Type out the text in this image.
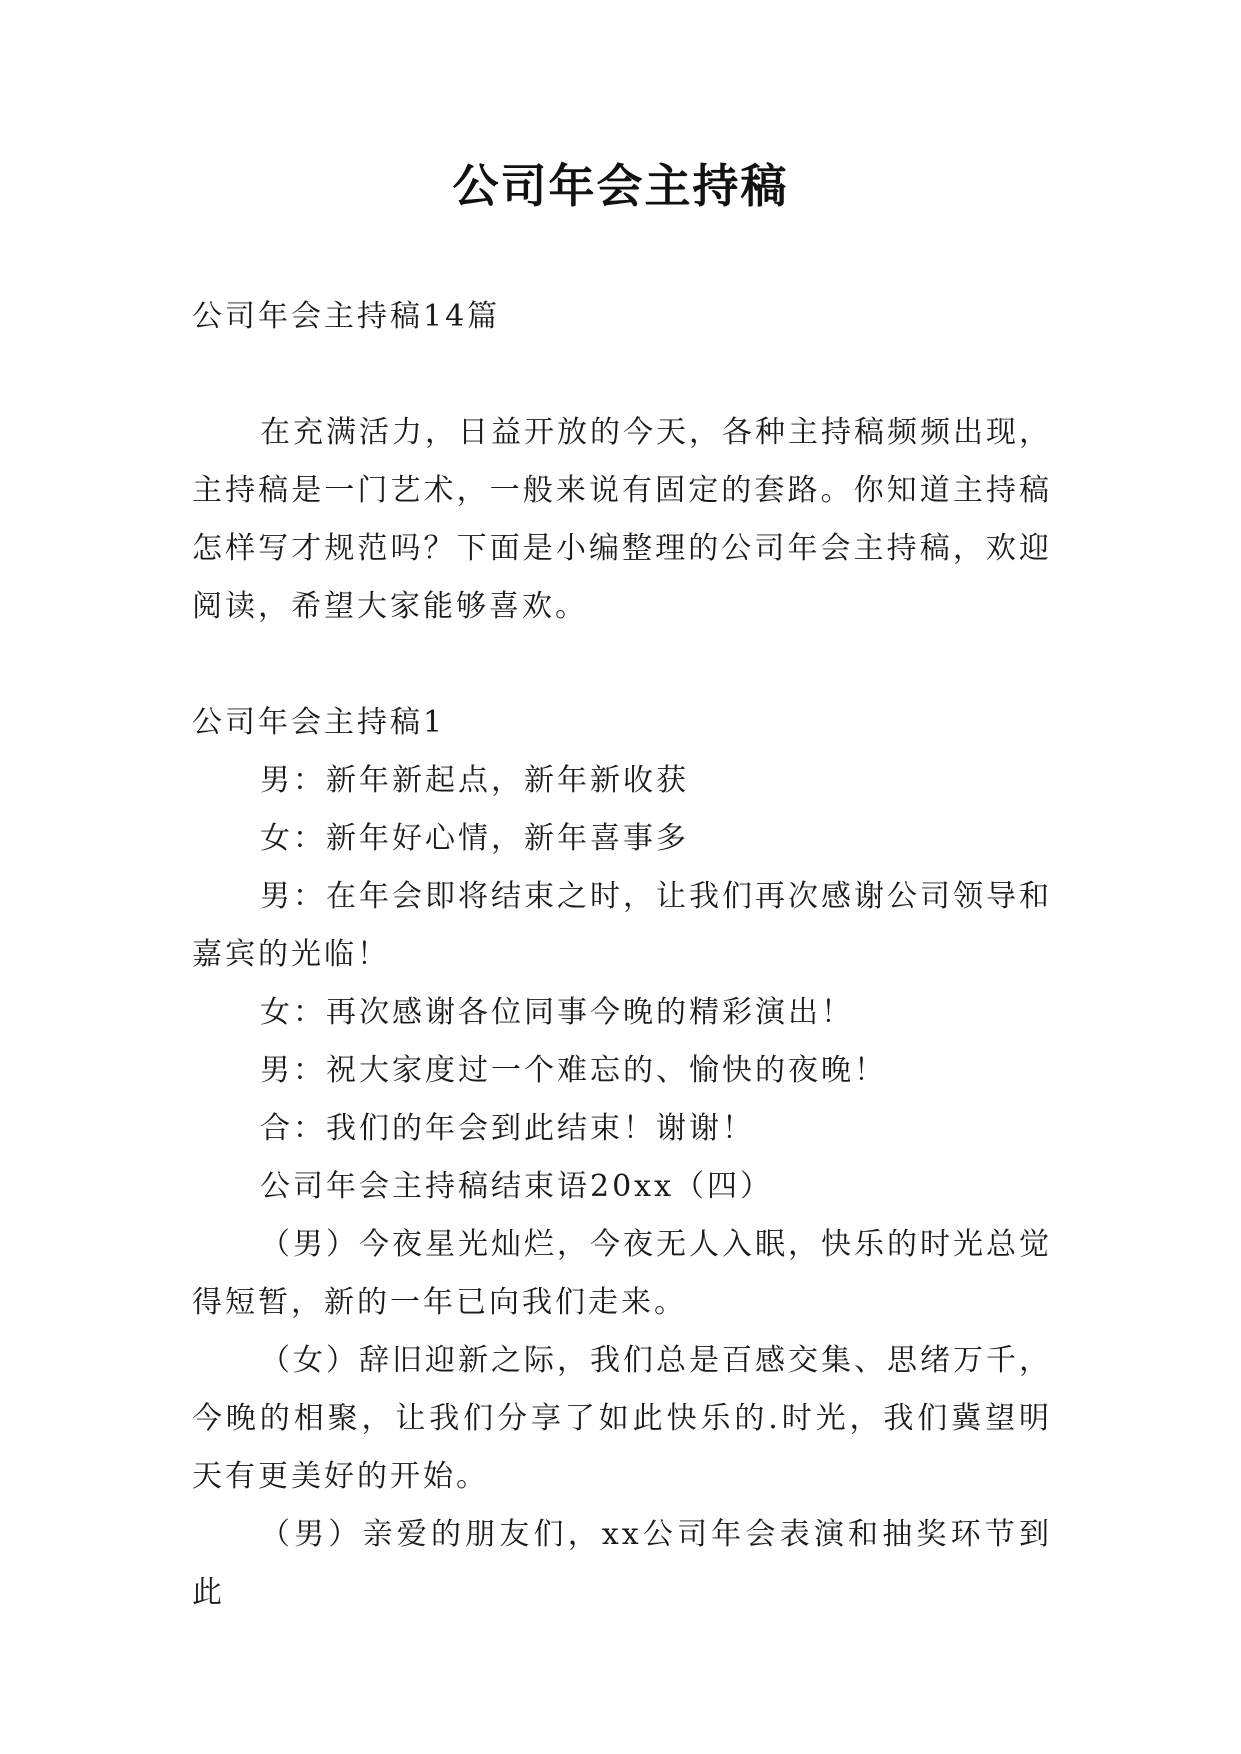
公司年会主持稿

公司年会主持稿14篇

在充满活力，日益开放的今天，各种主持稿频频出现，主持稿是一门艺术，一般来说有固定的套路。你知道主持稿怎样写才规范吗？下面是小编整理的公司年会主持稿，欢迎阅读，希望大家能够喜欢。

公司年会主持稿1

男：新年新起点，新年新收获

女：新年好心情，新年喜事多

男：在年会即将结束之时，让我们再次感谢公司领导和嘉宾的光临！

女：再次感谢各位同事今晚的精彩演出！

男：祝大家度过一个难忘的、愉快的夜晚！

合：我们的年会到此结束！谢谢！

公司年会主持稿结束语20xx（四）

（男）今夜星光灿烂，今夜无人入眠，快乐的时光总觉得短暂，新的一年已向我们走来。

（女）辞旧迎新之际，我们总是百感交集、思绪万千，今晚的相聚，让我们分享了如此快乐的.时光，我们冀望明天有更美好的开始。

（男）亲爱的朋友们，xx公司年会表演和抽奖环节到此
